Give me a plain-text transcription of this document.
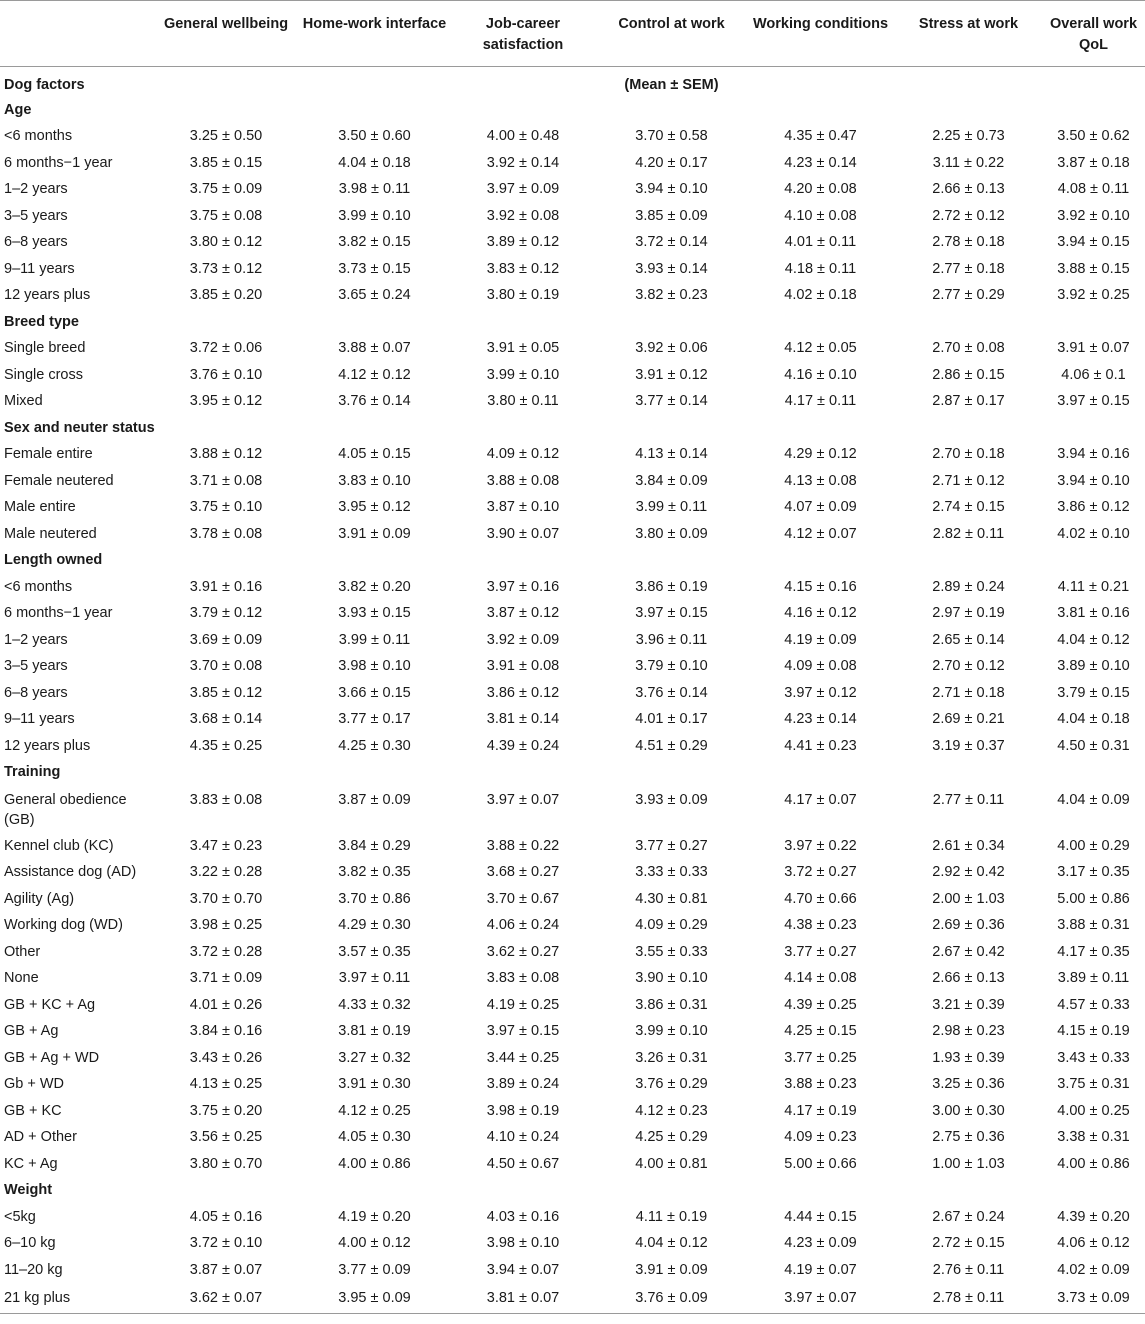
	General wellbeing	Home-work interface	Job-career satisfaction	Control at work	Working conditions	Stress at work	Overall work QoL
Dog factors				(Mean ± SEM)			
Age							
<6 months	3.25 ± 0.50	3.50 ± 0.60	4.00 ± 0.48	3.70 ± 0.58	4.35 ± 0.47	2.25 ± 0.73	3.50 ± 0.62
6 months−1 year	3.85 ± 0.15	4.04 ± 0.18	3.92 ± 0.14	4.20 ± 0.17	4.23 ± 0.14	3.11 ± 0.22	3.87 ± 0.18
1–2 years	3.75 ± 0.09	3.98 ± 0.11	3.97 ± 0.09	3.94 ± 0.10	4.20 ± 0.08	2.66 ± 0.13	4.08 ± 0.11
3–5 years	3.75 ± 0.08	3.99 ± 0.10	3.92 ± 0.08	3.85 ± 0.09	4.10 ± 0.08	2.72 ± 0.12	3.92 ± 0.10
6–8 years	3.80 ± 0.12	3.82 ± 0.15	3.89 ± 0.12	3.72 ± 0.14	4.01 ± 0.11	2.78 ± 0.18	3.94 ± 0.15
9–11 years	3.73 ± 0.12	3.73 ± 0.15	3.83 ± 0.12	3.93 ± 0.14	4.18 ± 0.11	2.77 ± 0.18	3.88 ± 0.15
12 years plus	3.85 ± 0.20	3.65 ± 0.24	3.80 ± 0.19	3.82 ± 0.23	4.02 ± 0.18	2.77 ± 0.29	3.92 ± 0.25
Breed type							
Single breed	3.72 ± 0.06	3.88 ± 0.07	3.91 ± 0.05	3.92 ± 0.06	4.12 ± 0.05	2.70 ± 0.08	3.91 ± 0.07
Single cross	3.76 ± 0.10	4.12 ± 0.12	3.99 ± 0.10	3.91 ± 0.12	4.16 ± 0.10	2.86 ± 0.15	4.06 ± 0.1
Mixed	3.95 ± 0.12	3.76 ± 0.14	3.80 ± 0.11	3.77 ± 0.14	4.17 ± 0.11	2.87 ± 0.17	3.97 ± 0.15
Sex and neuter status							
Female entire	3.88 ± 0.12	4.05 ± 0.15	4.09 ± 0.12	4.13 ± 0.14	4.29 ± 0.12	2.70 ± 0.18	3.94 ± 0.16
Female neutered	3.71 ± 0.08	3.83 ± 0.10	3.88 ± 0.08	3.84 ± 0.09	4.13 ± 0.08	2.71 ± 0.12	3.94 ± 0.10
Male entire	3.75 ± 0.10	3.95 ± 0.12	3.87 ± 0.10	3.99 ± 0.11	4.07 ± 0.09	2.74 ± 0.15	3.86 ± 0.12
Male neutered	3.78 ± 0.08	3.91 ± 0.09	3.90 ± 0.07	3.80 ± 0.09	4.12 ± 0.07	2.82 ± 0.11	4.02 ± 0.10
Length owned							
<6 months	3.91 ± 0.16	3.82 ± 0.20	3.97 ± 0.16	3.86 ± 0.19	4.15 ± 0.16	2.89 ± 0.24	4.11 ± 0.21
6 months−1 year	3.79 ± 0.12	3.93 ± 0.15	3.87 ± 0.12	3.97 ± 0.15	4.16 ± 0.12	2.97 ± 0.19	3.81 ± 0.16
1–2 years	3.69 ± 0.09	3.99 ± 0.11	3.92 ± 0.09	3.96 ± 0.11	4.19 ± 0.09	2.65 ± 0.14	4.04 ± 0.12
3–5 years	3.70 ± 0.08	3.98 ± 0.10	3.91 ± 0.08	3.79 ± 0.10	4.09 ± 0.08	2.70 ± 0.12	3.89 ± 0.10
6–8 years	3.85 ± 0.12	3.66 ± 0.15	3.86 ± 0.12	3.76 ± 0.14	3.97 ± 0.12	2.71 ± 0.18	3.79 ± 0.15
9–11 years	3.68 ± 0.14	3.77 ± 0.17	3.81 ± 0.14	4.01 ± 0.17	4.23 ± 0.14	2.69 ± 0.21	4.04 ± 0.18
12 years plus	4.35 ± 0.25	4.25 ± 0.30	4.39 ± 0.24	4.51 ± 0.29	4.41 ± 0.23	3.19 ± 0.37	4.50 ± 0.31
Training							
General obedience (GB)	3.83 ± 0.08	3.87 ± 0.09	3.97 ± 0.07	3.93 ± 0.09	4.17 ± 0.07	2.77 ± 0.11	4.04 ± 0.09
Kennel club (KC)	3.47 ± 0.23	3.84 ± 0.29	3.88 ± 0.22	3.77 ± 0.27	3.97 ± 0.22	2.61 ± 0.34	4.00 ± 0.29
Assistance dog (AD)	3.22 ± 0.28	3.82 ± 0.35	3.68 ± 0.27	3.33 ± 0.33	3.72 ± 0.27	2.92 ± 0.42	3.17 ± 0.35
Agility (Ag)	3.70 ± 0.70	3.70 ± 0.86	3.70 ± 0.67	4.30 ± 0.81	4.70 ± 0.66	2.00 ± 1.03	5.00 ± 0.86
Working dog (WD)	3.98 ± 0.25	4.29 ± 0.30	4.06 ± 0.24	4.09 ± 0.29	4.38 ± 0.23	2.69 ± 0.36	3.88 ± 0.31
Other	3.72 ± 0.28	3.57 ± 0.35	3.62 ± 0.27	3.55 ± 0.33	3.77 ± 0.27	2.67 ± 0.42	4.17 ± 0.35
None	3.71 ± 0.09	3.97 ± 0.11	3.83 ± 0.08	3.90 ± 0.10	4.14 ± 0.08	2.66 ± 0.13	3.89 ± 0.11
GB + KC + Ag	4.01 ± 0.26	4.33 ± 0.32	4.19 ± 0.25	3.86 ± 0.31	4.39 ± 0.25	3.21 ± 0.39	4.57 ± 0.33
GB + Ag	3.84 ± 0.16	3.81 ± 0.19	3.97 ± 0.15	3.99 ± 0.10	4.25 ± 0.15	2.98 ± 0.23	4.15 ± 0.19
GB + Ag + WD	3.43 ± 0.26	3.27 ± 0.32	3.44 ± 0.25	3.26 ± 0.31	3.77 ± 0.25	1.93 ± 0.39	3.43 ± 0.33
Gb + WD	4.13 ± 0.25	3.91 ± 0.30	3.89 ± 0.24	3.76 ± 0.29	3.88 ± 0.23	3.25 ± 0.36	3.75 ± 0.31
GB + KC	3.75 ± 0.20	4.12 ± 0.25	3.98 ± 0.19	4.12 ± 0.23	4.17 ± 0.19	3.00 ± 0.30	4.00 ± 0.25
AD + Other	3.56 ± 0.25	4.05 ± 0.30	4.10 ± 0.24	4.25 ± 0.29	4.09 ± 0.23	2.75 ± 0.36	3.38 ± 0.31
KC + Ag	3.80 ± 0.70	4.00 ± 0.86	4.50 ± 0.67	4.00 ± 0.81	5.00 ± 0.66	1.00 ± 1.03	4.00 ± 0.86
Weight							
<5kg	4.05 ± 0.16	4.19 ± 0.20	4.03 ± 0.16	4.11 ± 0.19	4.44 ± 0.15	2.67 ± 0.24	4.39 ± 0.20
6–10 kg	3.72 ± 0.10	4.00 ± 0.12	3.98 ± 0.10	4.04 ± 0.12	4.23 ± 0.09	2.72 ± 0.15	4.06 ± 0.12
11–20 kg	3.87 ± 0.07	3.77 ± 0.09	3.94 ± 0.07	3.91 ± 0.09	4.19 ± 0.07	2.76 ± 0.11	4.02 ± 0.09
21 kg plus	3.62 ± 0.07	3.95 ± 0.09	3.81 ± 0.07	3.76 ± 0.09	3.97 ± 0.07	2.78 ± 0.11	3.73 ± 0.09
